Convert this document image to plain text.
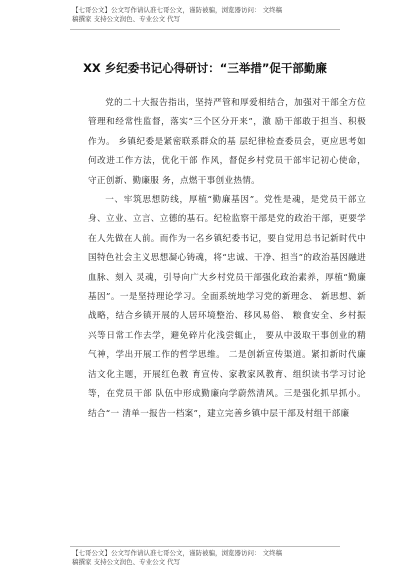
【七哥公文】公文写作请认准七哥公文，谨防被骗，浏览器访问： 文终稿
稿撰家 支持公文润色、专业公文 代写
XX 乡纪委书记心得研讨：“三举措”促干部勤廉

党的二十大报告指出，坚持严管和厚爱相结合，加强对干部全方位管理和经常性监督，落实“三个区分开来”，激 励干部敢于担当、积极作为。 乡镇纪委是紧密联系群众的基 层纪律检查委员会，更应思考如何改进工作方法，优化干部 作风，督促乡村党员干部牢记初心使命，守正创新、勤廉服 务，点燃干事创业热情。

一、牢筑思想防线，厚植“勤廉基因”。党性是魂，是党员干部立身、立业、立言、立德的基石。纪检监察干部是党的政治干部，更要学在人先做在人前。而作为一名乡镇纪委书记，要自觉用总书记新时代中国特色社会主义思想凝心铸魂，将“忠诚、干净、担当”的政治基因融进血脉、刻入 灵魂，引导向广大乡村党员干部强化政治素养，厚植“勤廉 基因”。一是坚持理论学习。全面系统地学习党的新理念、 新思想、新战略，结合乡镇开展的人居环境整治、移风易俗、 粮食安全、乡村振兴等日常工作去学，避免碎片化浅尝辄止， 要从中汲取干事创业的精气神，学出开展工作的哲学思维。 二是创新宣传渠道。紧扣新时代廉洁文化主题，开展红色教 育宣传、家教家风教育、组织读书学习讨论等，在党员干部 队伍中形成勤廉向学蔚然清风。三是强化抓早抓小。结合“一 清单一报告一档案”，建立完善乡镇中层干部及村组干部廉

【七哥公文】公文写作请认准七哥公文，谨防被骗，浏览器访问： 文终稿
稿撰家 支持公文润色、专业公文 代写
